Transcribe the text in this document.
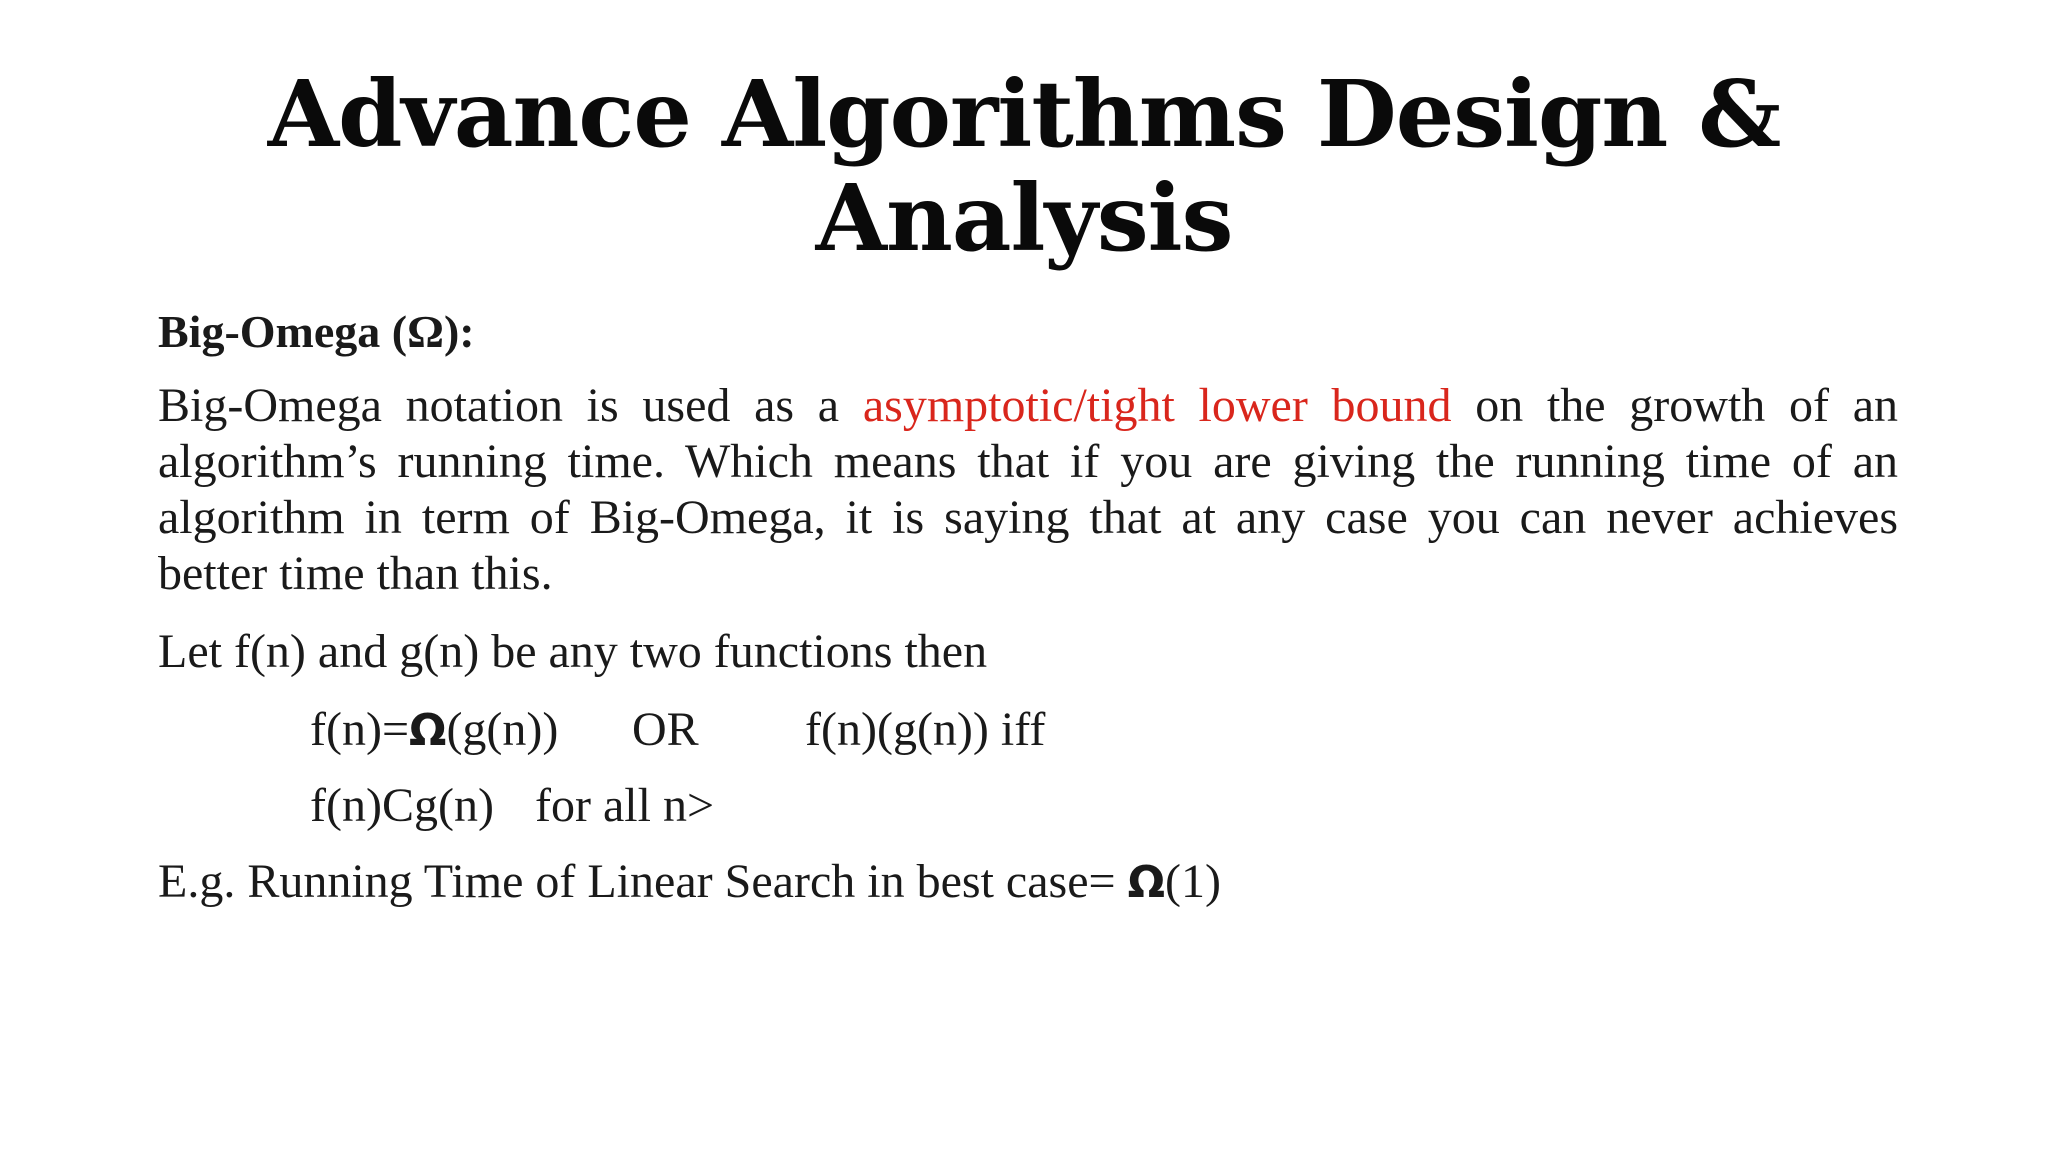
Advance Algorithms Design &
Analysis
Big-Omega (Ω):
Big-Omega notation is used as a asymptotic/tight lower bound on the growth of an algorithm’s running time. Which means that if you are giving the running time of an algorithm in term of Big-Omega, it is saying that at any case you can never achieves better time than this.
Let f(n) and g(n) be any two functions then
f(n)=Ω(g(n)) OR f(n)(g(n)) iff
f(n)Cg(n) for all n>
E.g. Running Time of Linear Search in best case= Ω(1)
